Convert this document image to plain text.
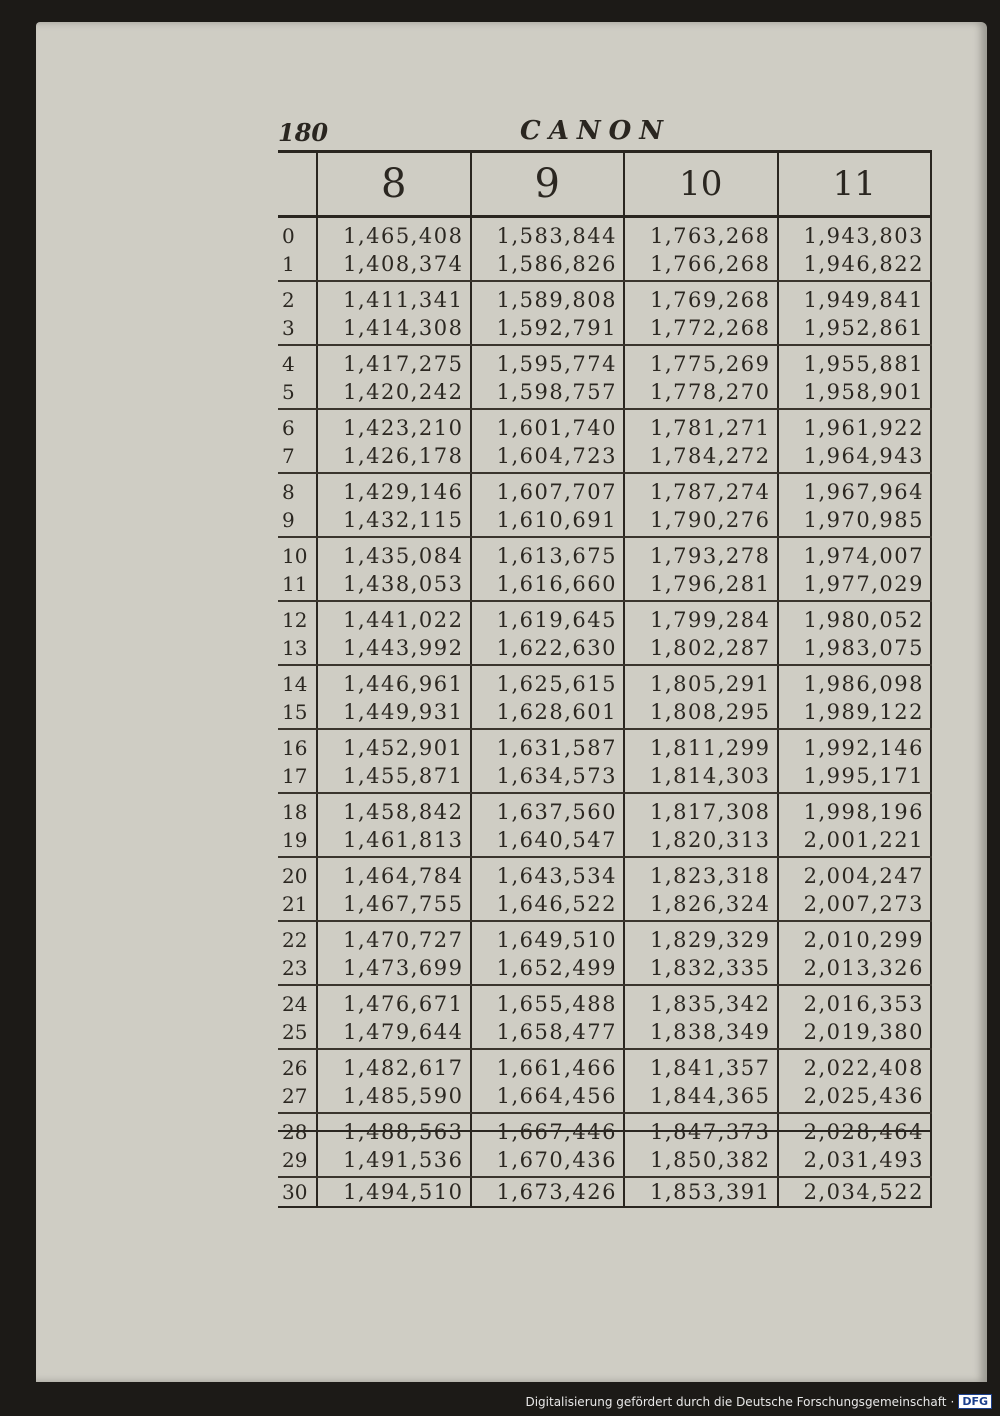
180	CANON
	8	9	10	11
0	1,465,408	1,583,844	1,763,268	1,943,803
1	1,408,374	1,586,826	1,766,268	1,946,822
2	1,411,341	1,589,808	1,769,268	1,949,841
3	1,414,308	1,592,791	1,772,268	1,952,861
4	1,417,275	1,595,774	1,775,269	1,955,881
5	1,420,242	1,598,757	1,778,270	1,958,901
6	1,423,210	1,601,740	1,781,271	1,961,922
7	1,426,178	1,604,723	1,784,272	1,964,943
8	1,429,146	1,607,707	1,787,274	1,967,964
9	1,432,115	1,610,691	1,790,276	1,970,985
10	1,435,084	1,613,675	1,793,278	1,974,007
11	1,438,053	1,616,660	1,796,281	1,977,029
12	1,441,022	1,619,645	1,799,284	1,980,052
13	1,443,992	1,622,630	1,802,287	1,983,075
14	1,446,961	1,625,615	1,805,291	1,986,098
15	1,449,931	1,628,601	1,808,295	1,989,122
16	1,452,901	1,631,587	1,811,299	1,992,146
17	1,455,871	1,634,573	1,814,303	1,995,171
18	1,458,842	1,637,560	1,817,308	1,998,196
19	1,461,813	1,640,547	1,820,313	2,001,221
20	1,464,784	1,643,534	1,823,318	2,004,247
21	1,467,755	1,646,522	1,826,324	2,007,273
22	1,470,727	1,649,510	1,829,329	2,010,299
23	1,473,699	1,652,499	1,832,335	2,013,326
24	1,476,671	1,655,488	1,835,342	2,016,353
25	1,479,644	1,658,477	1,838,349	2,019,380
26	1,482,617	1,661,466	1,841,357	2,022,408
27	1,485,590	1,664,456	1,844,365	2,025,436
28	1,488,563	1,667,446	1,847,373	2,028,464
29	1,491,536	1,670,436	1,850,382	2,031,493
30	1,494,510	1,673,426	1,853,391	2,034,522
Digitalisierung gefördert durch die Deutsche Forschungsgemeinschaft · DFG
